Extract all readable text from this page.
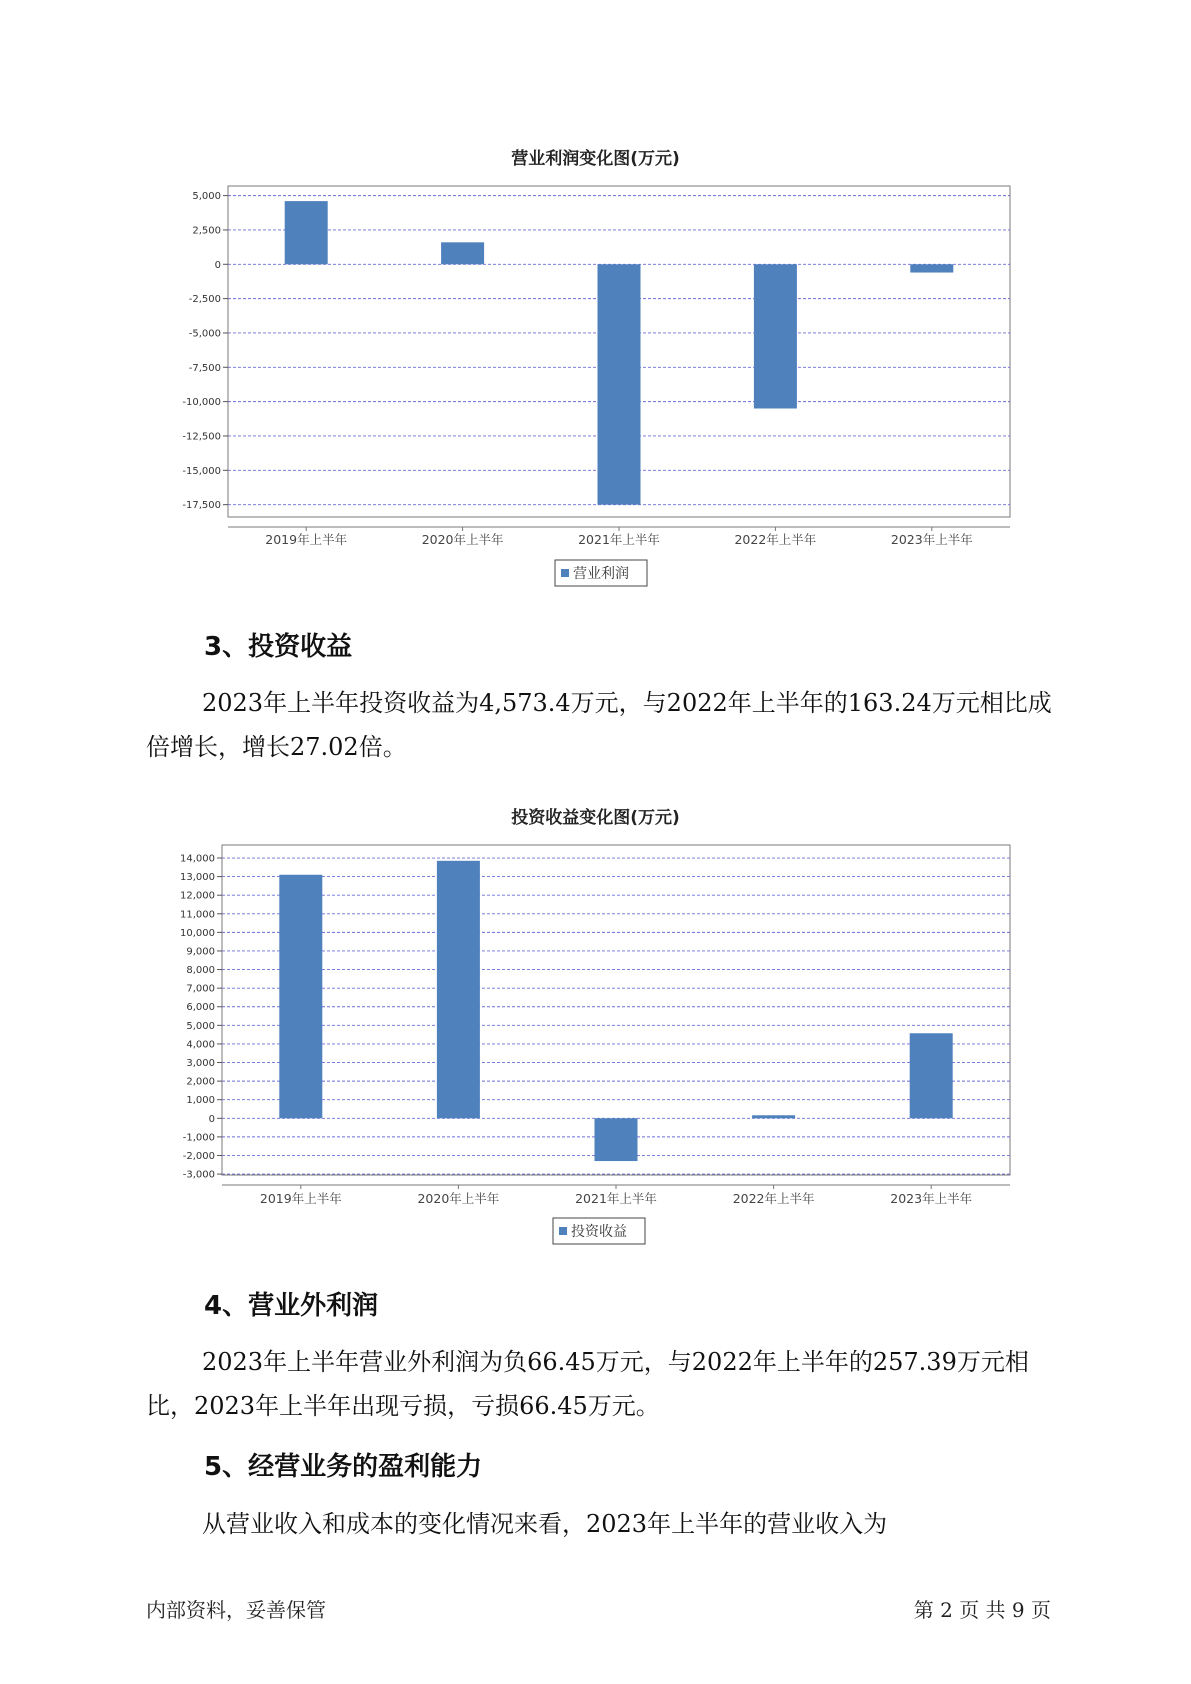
营业利润变化图(万元)
5,000
2,500
0
-2,500
-5,000
-7,500
-10,000
-12,500
-15,000
-17,500
2019年上半年	2020年上半年	2021年上半年	2022年上半年	2023年上半年
营业利润
3、投资收益

2023年上半年投资收益为4,573.4万元，与2022年上半年的163.24万元相比成倍增长，增长27.02倍。

投资收益变化图(万元)
14,000
13,000
12,000
11,000
10,000
9,000
8,000
7,000
6,000
5,000
4,000
3,000
2,000
1,000
0
-1,000
-2,000
-3,000
2019年上半年	2020年上半年	2021年上半年	2022年上半年	2023年上半年
投资收益
4、营业外利润

2023年上半年营业外利润为负66.45万元，与2022年上半年的257.39万元相比，2023年上半年出现亏损，亏损66.45万元。

5、经营业务的盈利能力

从营业收入和成本的变化情况来看，2023年上半年的营业收入为

内部资料，妥善保管	第 2 页 共 9 页
